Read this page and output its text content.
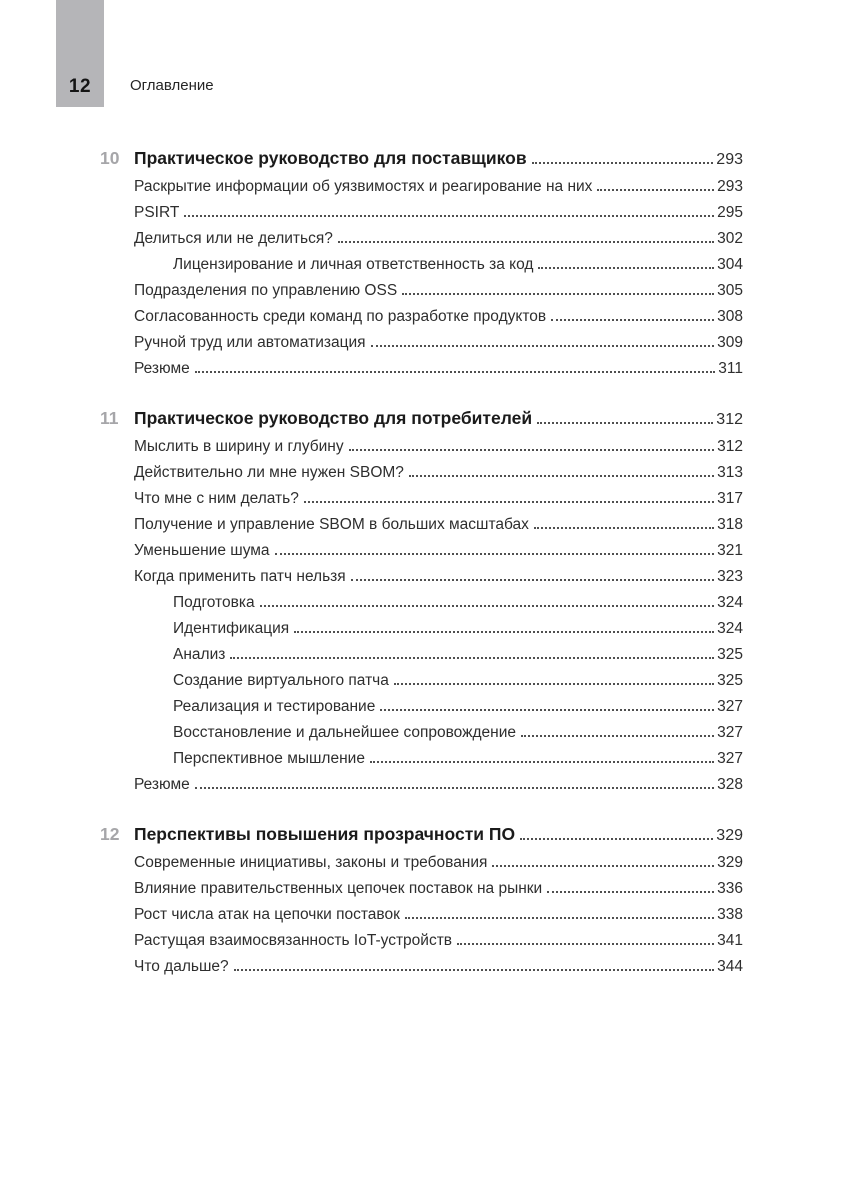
12	Оглавление
10 Практическое руководство для поставщиков	293
Раскрытие информации об уязвимостях и реагирование на них	293
PSIRT	295
Делиться или не делиться?	302
Лицензирование и личная ответственность за код	304
Подразделения по управлению OSS	305
Согласованность среди команд по разработке продуктов	308
Ручной труд или автоматизация	309
Резюме	311
11 Практическое руководство для потребителей	312
Мыслить в ширину и глубину	312
Действительно ли мне нужен SBOM?	313
Что мне с ним делать?	317
Получение и управление SBOM в больших масштабах	318
Уменьшение шума	321
Когда применить патч нельзя	323
Подготовка	324
Идентификация	324
Анализ	325
Создание виртуального патча	325
Реализация и тестирование	327
Восстановление и дальнейшее сопровождение	327
Перспективное мышление	327
Резюме	328
12 Перспективы повышения прозрачности ПО	329
Современные инициативы, законы и требования	329
Влияние правительственных цепочек поставок на рынки	336
Рост числа атак на цепочки поставок	338
Растущая взаимосвязанность IoT-устройств	341
Что дальше?	344
